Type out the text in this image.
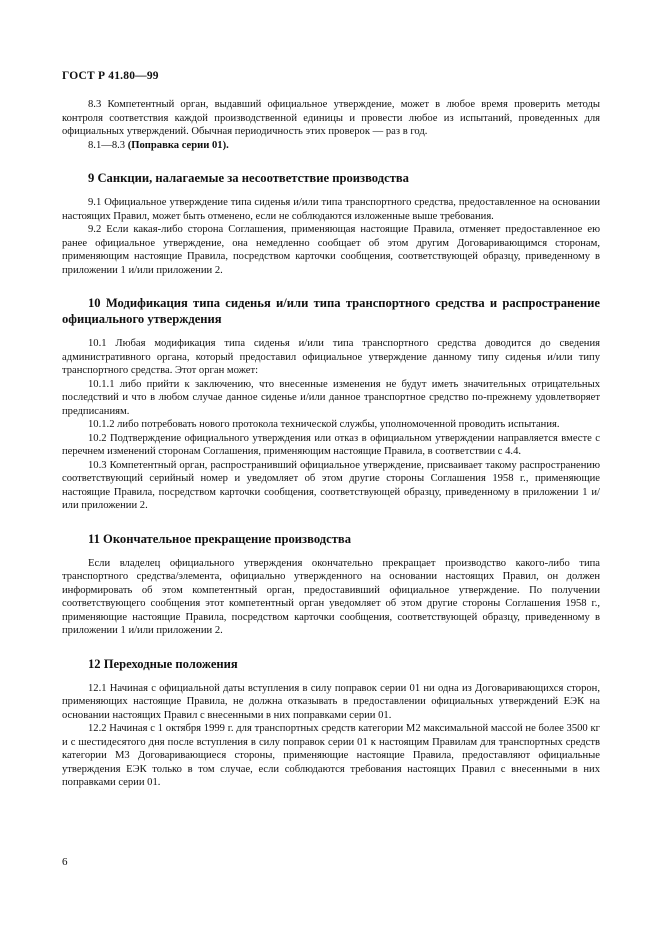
ГОСТ Р 41.80—99

8.3 Компетентный орган, выдавший официальное утверждение, может в любое время проверить методы контроля соответствия каждой производственной единицы и провести любое из испытаний, проведенных для официальных утверждений. Обычная периодичность этих проверок — раз в год.

8.1—8.3 (Поправка серии 01).

9 Санкции, налагаемые за несоответствие производства

9.1 Официальное утверждение типа сиденья и/или типа транспортного средства, предоставленное на основании настоящих Правил, может быть отменено, если не соблюдаются изложенные выше требования.

9.2 Если какая-либо сторона Соглашения, применяющая настоящие Правила, отменяет предоставленное ею ранее официальное утверждение, она немедленно сообщает об этом другим Договаривающимся сторонам, применяющим настоящие Правила, посредством карточки сообщения, соответствующей образцу, приведенному в приложении 1 и/или приложении 2.

10 Модификация типа сиденья и/или типа транспортного средства и распространение официального утверждения

10.1 Любая модификация типа сиденья и/или типа транспортного средства доводится до сведения административного органа, который предоставил официальное утверждение данному типу сиденья и/или типу транспортного средства. Этот орган может:

10.1.1 либо прийти к заключению, что внесенные изменения не будут иметь значительных отрицательных последствий и что в любом случае данное сиденье и/или данное транспортное средство по-прежнему удовлетворяет предписаниям.

10.1.2 либо потребовать нового протокола технической службы, уполномоченной проводить испытания.

10.2 Подтверждение официального утверждения или отказ в официальном утверждении направляется вместе с перечнем изменений сторонам Соглашения, применяющим настоящие Правила, в соответствии с 4.4.

10.3 Компетентный орган, распространивший официальное утверждение, присваивает такому распространению соответствующий серийный номер и уведомляет об этом другие стороны Соглашения 1958 г., применяющие настоящие Правила, посредством карточки сообщения, соответствующей образцу, приведенному в приложении 1 и/или приложении 2.

11 Окончательное прекращение производства

Если владелец официального утверждения окончательно прекращает производство какого-либо типа транспортного средства/элемента, официально утвержденного на основании настоящих Правил, он должен информировать об этом компетентный орган, предоставивший официальное утверждение. По получении соответствующего сообщения этот компетентный орган уведомляет об этом другие стороны Соглашения 1958 г., применяющие настоящие Правила, посредством карточки сообщения, соответствующей образцу, приведенному в приложении 1 и/или приложении 2.

12 Переходные положения

12.1 Начиная с официальной даты вступления в силу поправок серии 01 ни одна из Договаривающихся сторон, применяющих настоящие Правила, не должна отказывать в предоставлении официальных утверждений ЕЭК на основании настоящих Правил с внесенными в них поправками серии 01.

12.2 Начиная с 1 октября 1999 г. для транспортных средств категории М2 максимальной массой не более 3500 кг и с шестидесятого дня после вступления в силу поправок серии 01 к настоящим Правилам для транспортных средств категории М3 Договаривающиеся стороны, применяющие настоящие Правила, предоставляют официальные утверждения ЕЭК только в том случае, если соблюдаются требования настоящих Правил с внесенными в них поправками серии 01.

6
